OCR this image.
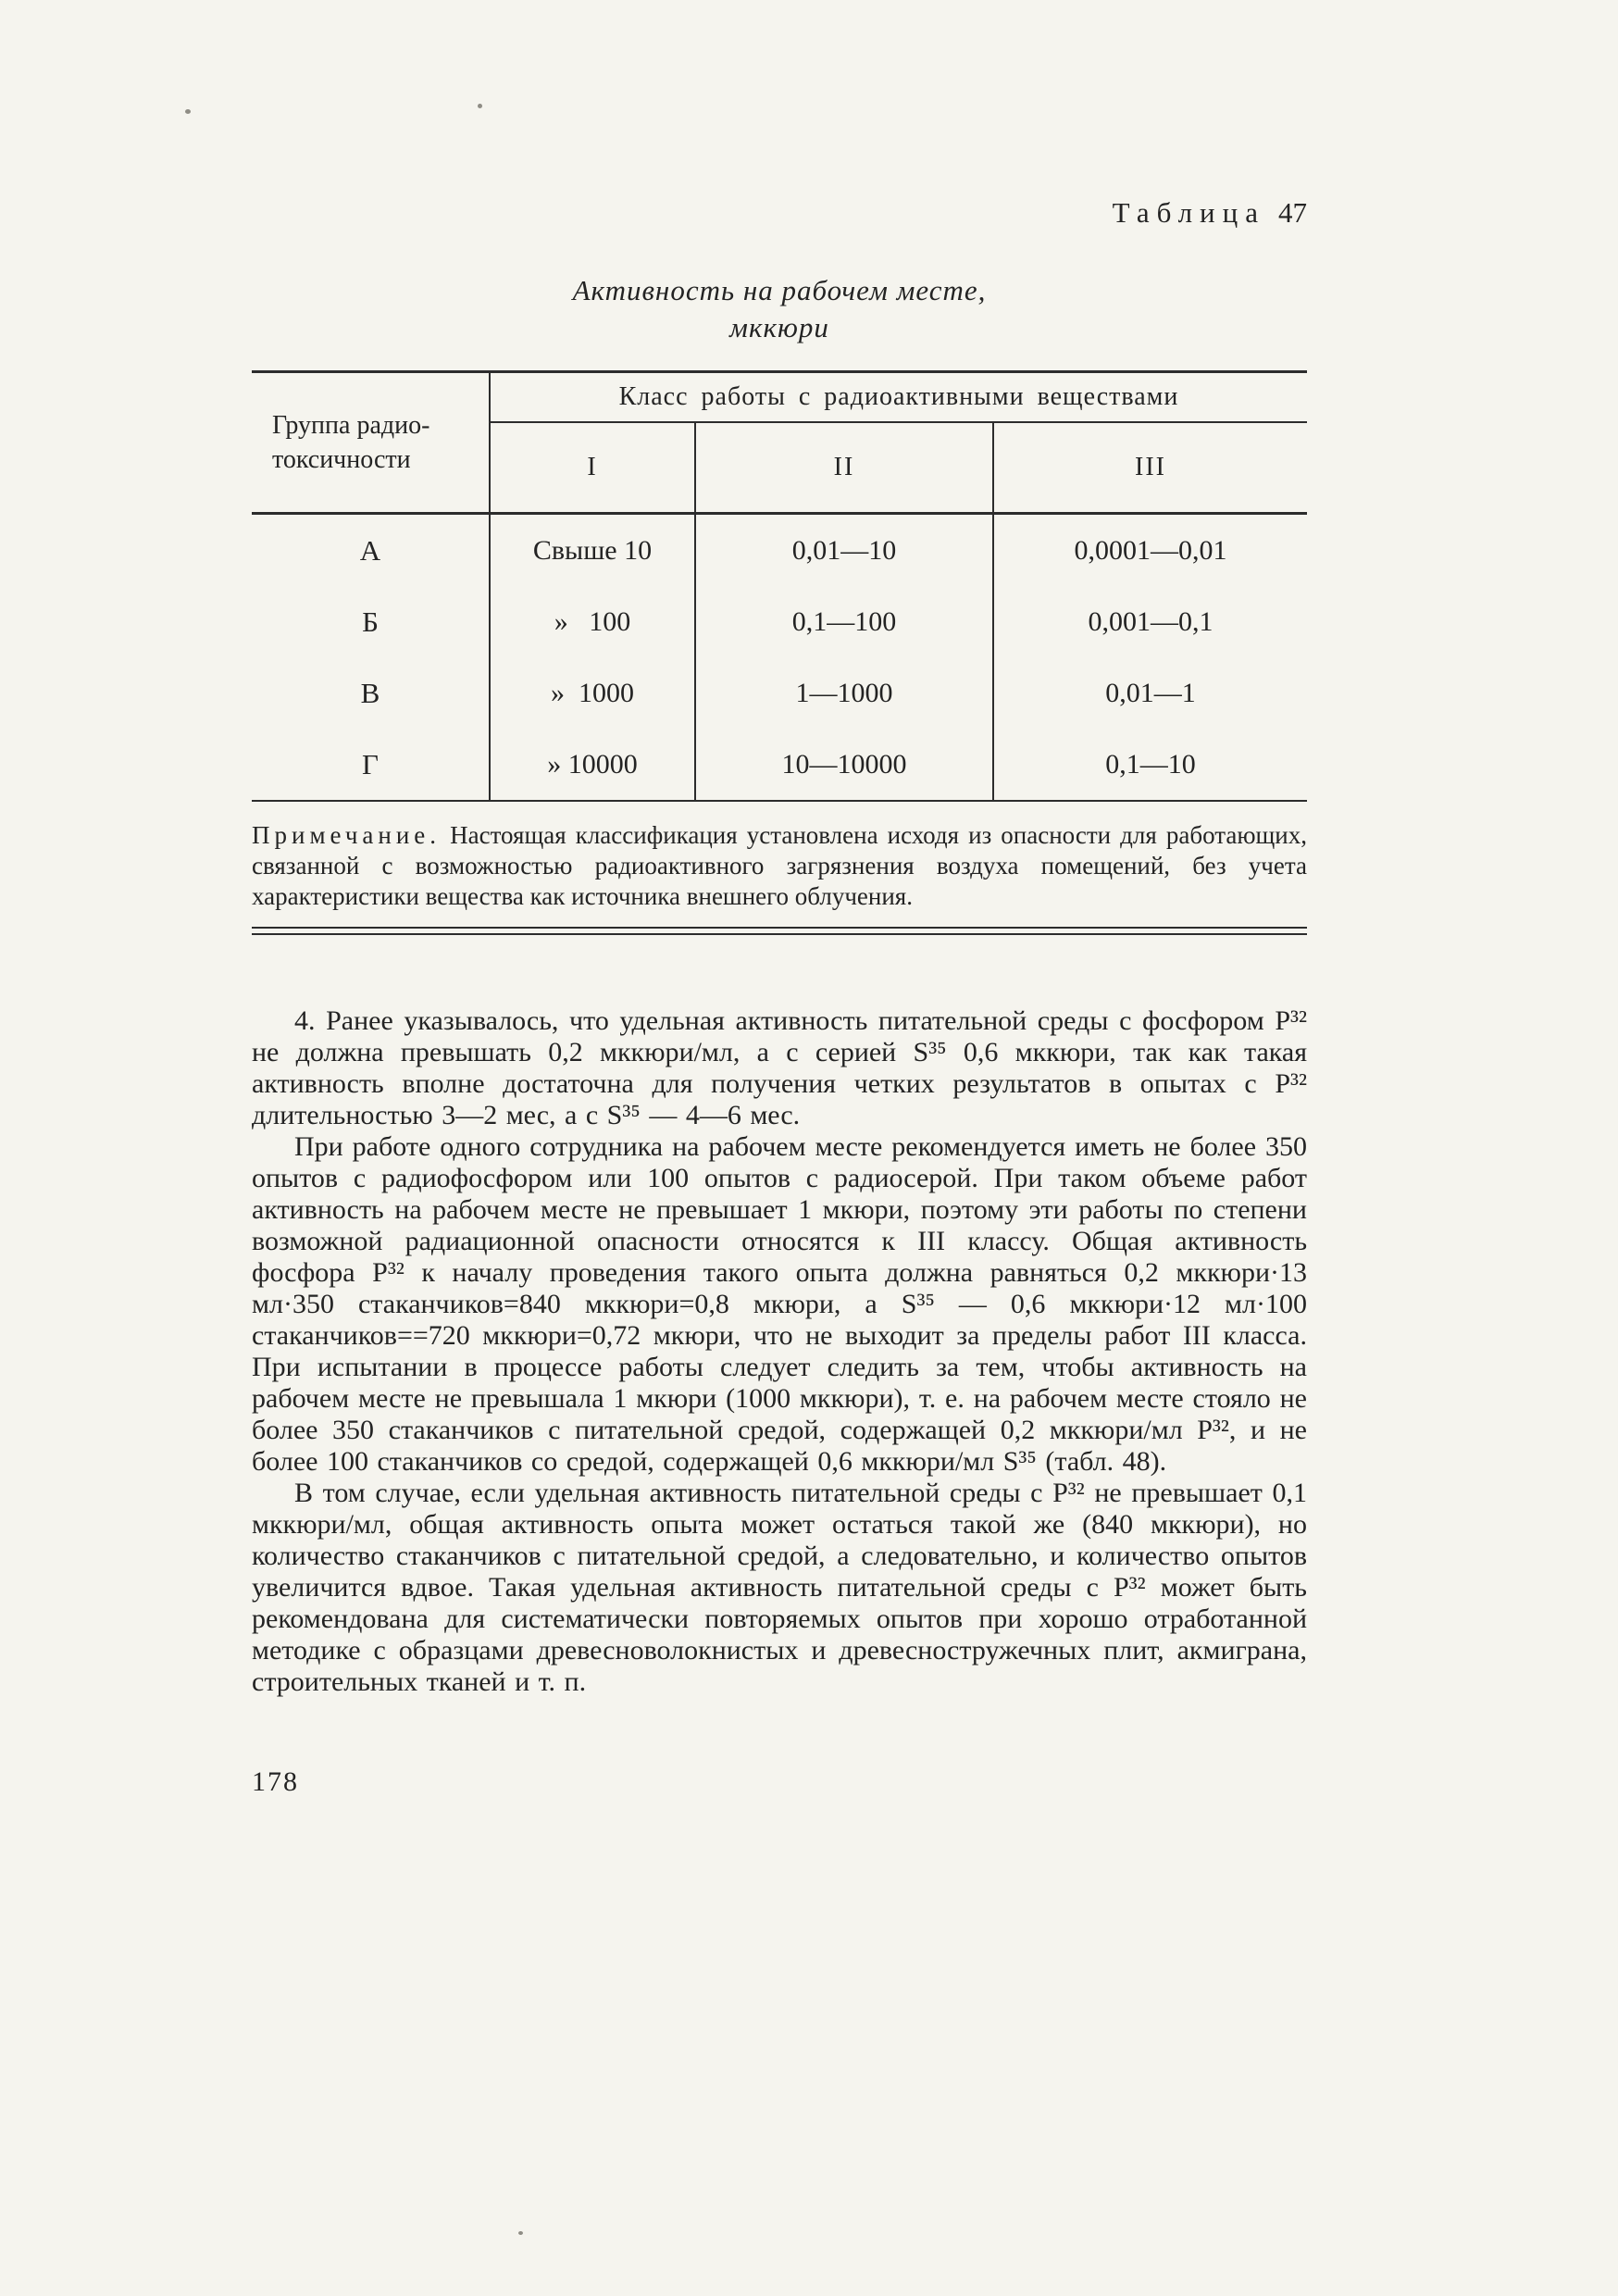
Таблица 47
Активность на рабочем месте,
мккюри
Группа радио-
токсичности
Класс работы с радиоактивными веществами
I	II	III
А	Свыше 10	0,01—10	0,0001—0,01
Б	»   100	0,1—100	0,001—0,1
В	»  1000	1—1000	0,01—1
Г	» 10000	10—10000	0,1—10
Примечание. Настоящая классификация установлена исходя из опасности для работающих, связанной с возможностью радиоактивного загрязнения воздуха помещений, без учета характеристики вещества как источника внешнего облучения.

4. Ранее указывалось, что удельная активность питательной среды с фосфором Р³² не должна превышать 0,2 мккюри/мл, а с серией S³⁵ 0,6 мккюри, так как такая активность вполне достаточна для получения четких результатов в опытах с Р³² длительностью 3—2 мес, а с S³⁵ — 4—6 мес.

При работе одного сотрудника на рабочем месте рекомендуется иметь не более 350 опытов с радиофосфором или 100 опытов с радиосерой. При таком объеме работ активность на рабочем месте не превышает 1 мкюри, поэтому эти работы по степени возможной радиационной опасности относятся к III классу. Общая активность фосфора Р³² к началу проведения такого опыта должна равняться 0,2 мккюри·13 мл·350 стаканчиков=840 мккюри=0,8 мкюри, а S³⁵ — 0,6 мккюри·12 мл·100 стаканчиков==720 мккюри=0,72 мкюри, что не выходит за пределы работ III класса. При испытании в процессе работы следует следить за тем, чтобы активность на рабочем месте не превышала 1 мкюри (1000 мккюри), т. е. на рабочем месте стояло не более 350 стаканчиков с питательной средой, содержащей 0,2 мккюри/мл Р³², и не более 100 стаканчиков со средой, содержащей 0,6 мккюри/мл S³⁵ (табл. 48).

В том случае, если удельная активность питательной среды с Р³² не превышает 0,1 мккюри/мл, общая активность опыта может остаться такой же (840 мккюри), но количество стаканчиков с питательной средой, а следовательно, и количество опытов увеличится вдвое. Такая удельная активность питательной среды с Р³² может быть рекомендована для систематически повторяемых опытов при хорошо отработанной методике с образцами древесноволокнистых и древесностружечных плит, акмиграна, строительных тканей и т. п.

178
